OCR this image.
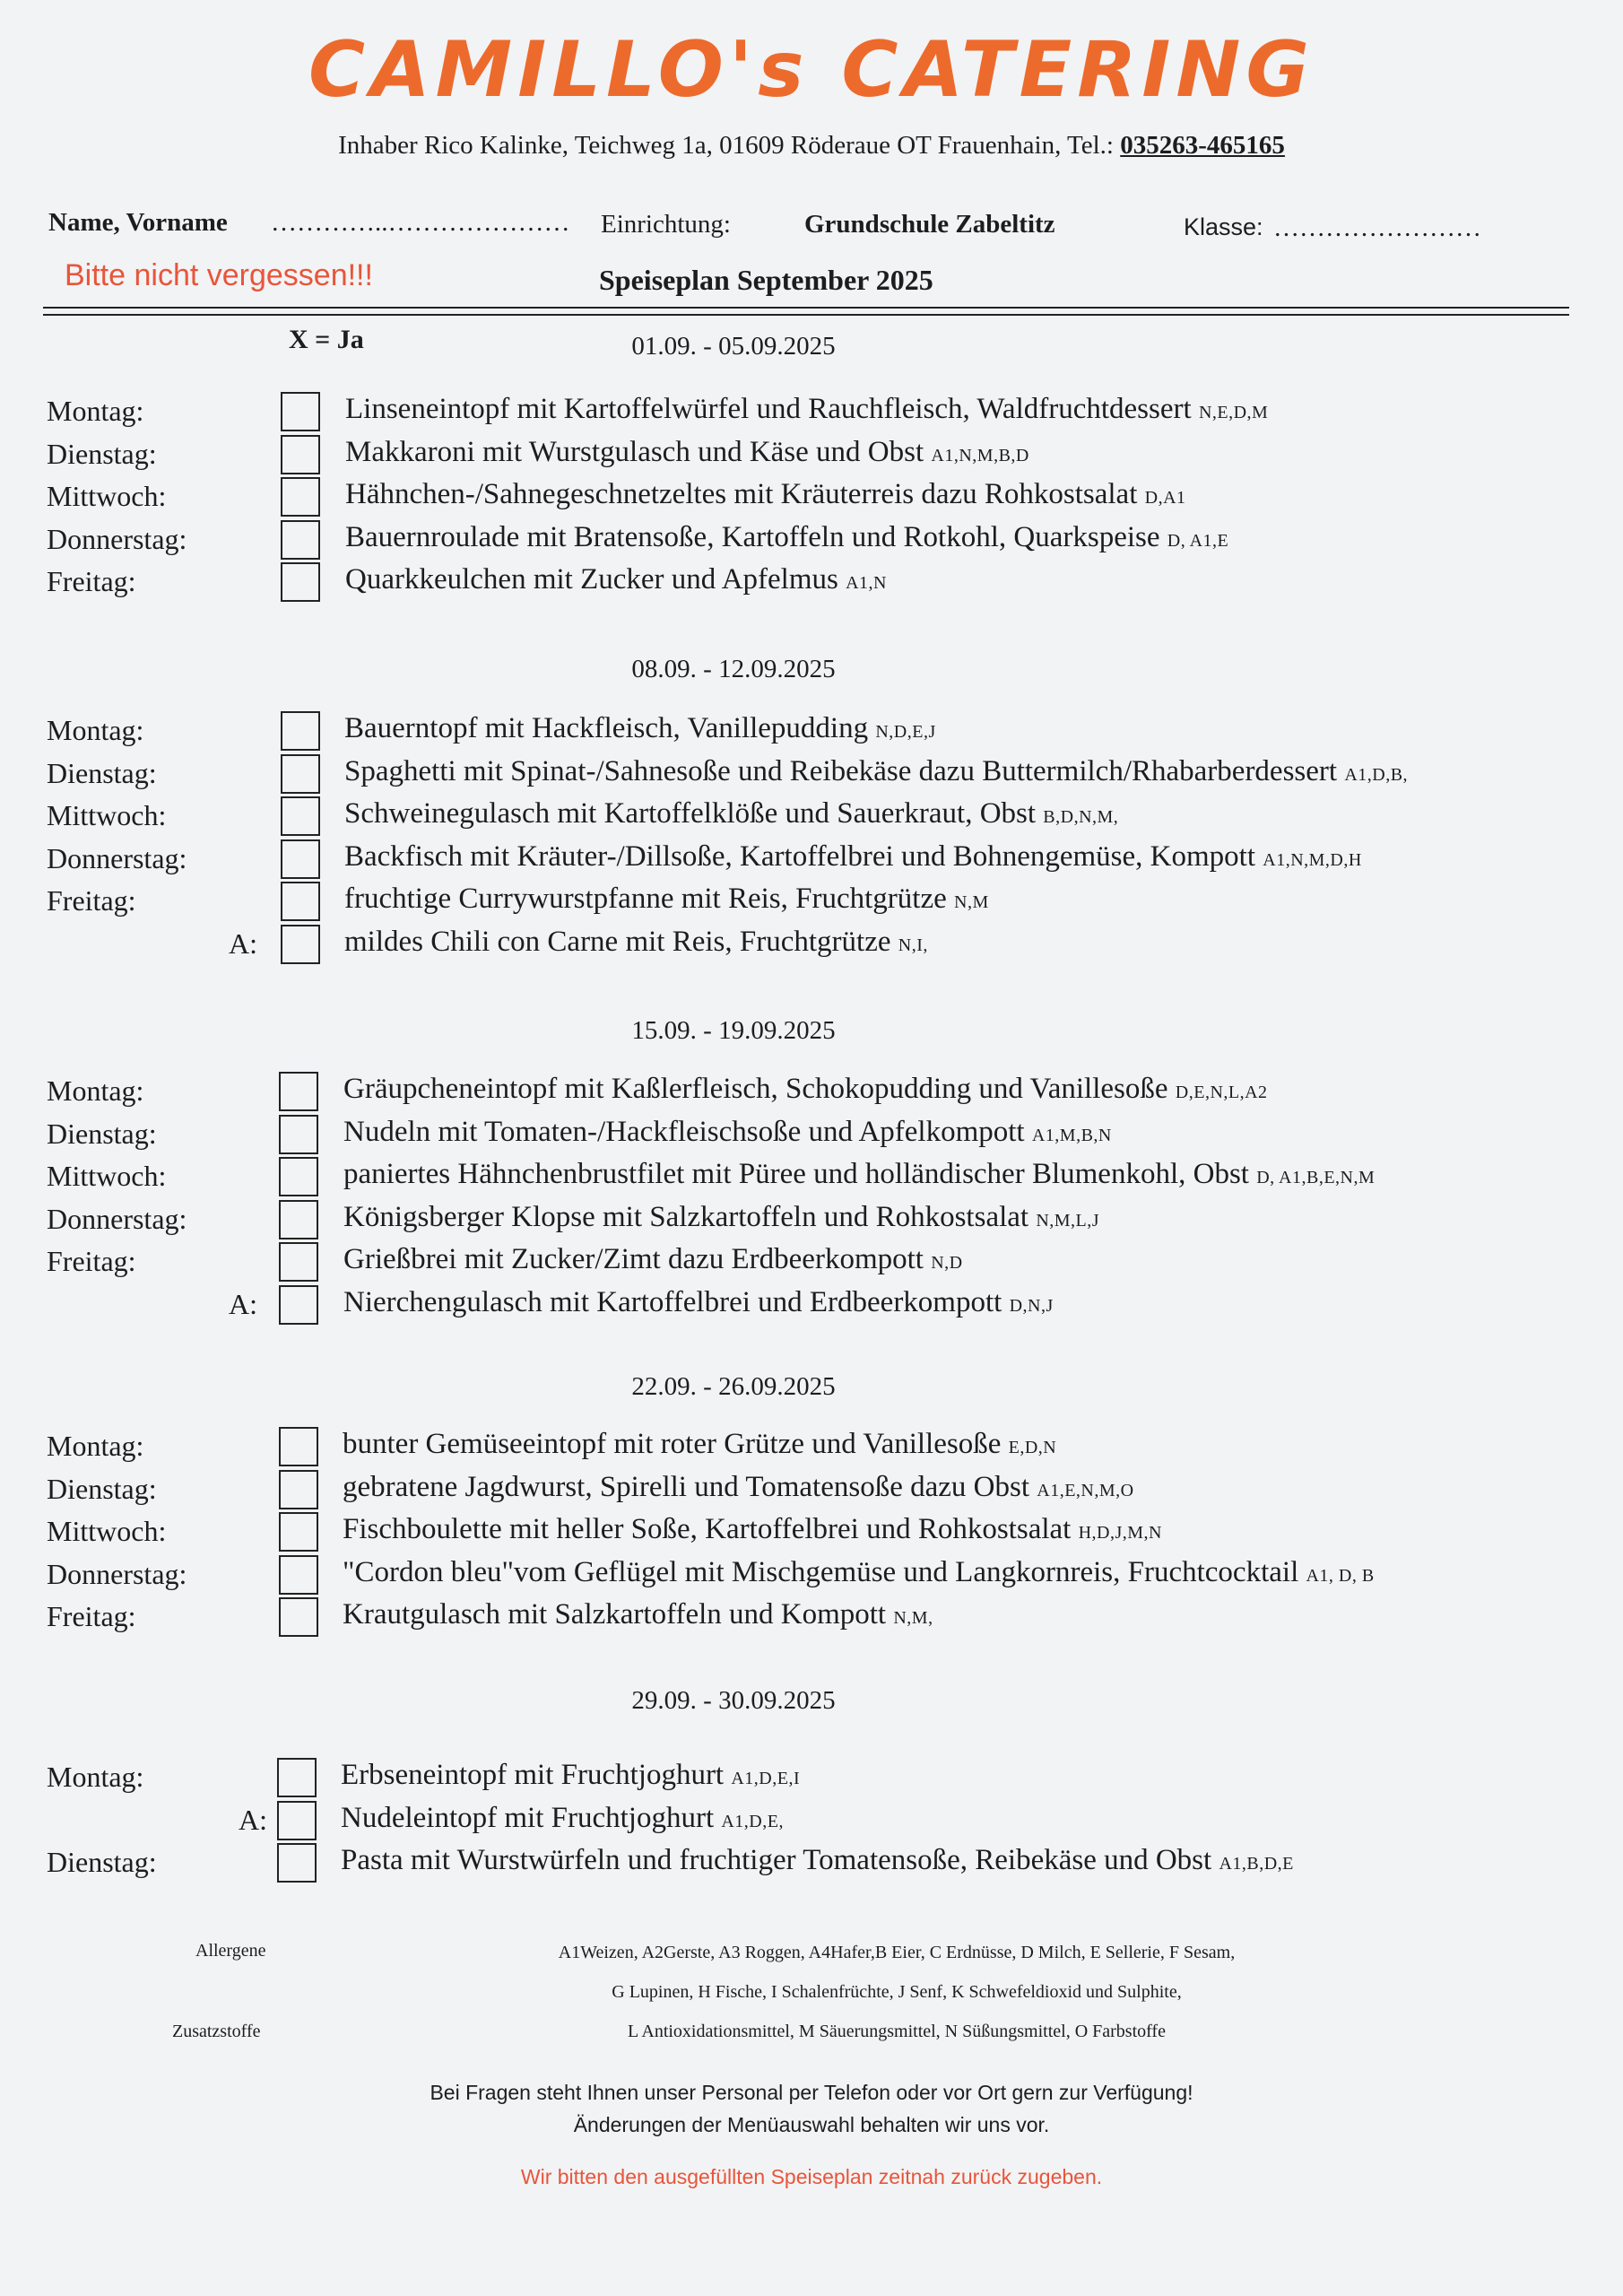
CAMILLO's CATERING
Inhaber Rico Kalinke, Teichweg 1a, 01609 Röderaue OT Frauenhain, Tel.: 035263-465165
Name, Vorname …………..………………… Einrichtung:	Grundschule Zabeltitz	Klasse: ……………………
Bitte nicht vergessen!!!	Speiseplan September 2025
X = Ja	01.09. - 05.09.2025
Montag:	Linseneintopf mit Kartoffelwürfel und Rauchfleisch, Waldfruchtdessert N,E,D,M
Dienstag:	Makkaroni mit Wurstgulasch und Käse und Obst A1,N,M,B,D
Mittwoch:	Hähnchen-/Sahnegeschnetzeltes mit Kräuterreis dazu Rohkostsalat D,A1
Donnerstag:	Bauernroulade mit Bratensoße, Kartoffeln und Rotkohl, Quarkspeise D, A1,E
Freitag:	Quarkkeulchen mit Zucker und Apfelmus A1,N
08.09. - 12.09.2025
Montag:	Bauerntopf mit Hackfleisch, Vanillepudding N,D,E,J
Dienstag:	Spaghetti mit Spinat-/Sahnesoße und Reibekäse dazu Buttermilch/Rhabarberdessert A1,D,B,
Mittwoch:	Schweinegulasch mit Kartoffelklöße und Sauerkraut, Obst B,D,N,M,
Donnerstag:	Backfisch mit Kräuter-/Dillsoße, Kartoffelbrei und Bohnengemüse, Kompott A1,N,M,D,H
Freitag:	fruchtige Currywurstpfanne mit Reis, Fruchtgrütze N,M
A:	mildes Chili con Carne mit Reis, Fruchtgrütze N,I,
15.09. - 19.09.2025
Montag:	Gräupcheneintopf mit Kaßlerfleisch, Schokopudding und Vanillesoße D,E,N,L,A2
Dienstag:	Nudeln mit Tomaten-/Hackfleischsoße und Apfelkompott A1,M,B,N
Mittwoch:	paniertes Hähnchenbrustfilet mit Püree und holländischer Blumenkohl, Obst D, A1,B,E,N,M
Donnerstag:	Königsberger Klopse mit Salzkartoffeln und Rohkostsalat N,M,L,J
Freitag:	Grießbrei mit Zucker/Zimt dazu Erdbeerkompott N,D
A:	Nierchengulasch mit Kartoffelbrei und Erdbeerkompott D,N,J
22.09. - 26.09.2025
Montag:	bunter Gemüseeintopf mit roter Grütze und Vanillesoße E,D,N
Dienstag:	gebratene Jagdwurst, Spirelli und Tomatensoße dazu Obst A1,E,N,M,O
Mittwoch:	Fischboulette mit heller Soße, Kartoffelbrei und Rohkostsalat H,D,J,M,N
Donnerstag:	"Cordon bleu"vom Geflügel mit Mischgemüse und Langkornreis, Fruchtcocktail A1, D, B
Freitag:	Krautgulasch mit Salzkartoffeln und Kompott N,M,
29.09. - 30.09.2025
Montag:	Erbseneintopf mit Fruchtjoghurt A1,D,E,I
A: Nudeleintopf mit Fruchtjoghurt A1,D,E,
Dienstag:	Pasta mit Wurstwürfeln und fruchtiger Tomatensoße, Reibekäse und Obst A1,B,D,E
Allergene
Zusatzstoffe
A1Weizen, A2Gerste, A3 Roggen, A4Hafer,B Eier, C Erdnüsse, D Milch, E Sellerie, F Sesam,
G Lupinen, H Fische, I Schalenfrüchte, J Senf, K Schwefeldioxid und Sulphite,
L Antioxidationsmittel, M Säuerungsmittel, N Süßungsmittel, O Farbstoffe
Bei Fragen steht Ihnen unser Personal per Telefon oder vor Ort gern zur Verfügung!
Änderungen der Menüauswahl behalten wir uns vor.
Wir bitten den ausgefüllten Speiseplan zeitnah zurück zugeben.
